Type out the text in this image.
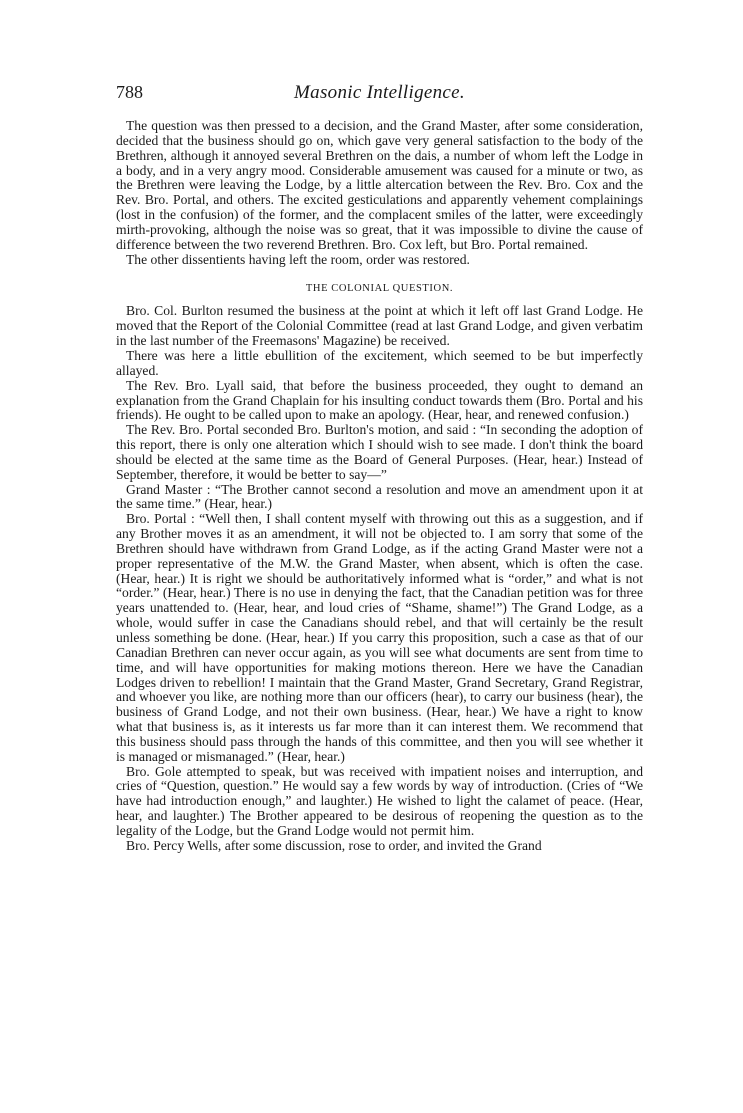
788	Masonic Intelligence.

The question was then pressed to a decision, and the Grand Master, after some consideration, decided that the business should go on, which gave very general satisfaction to the body of the Brethren, although it annoyed several Brethren on the dais, a number of whom left the Lodge in a body, and in a very angry mood. Considerable amusement was caused for a minute or two, as the Brethren were leaving the Lodge, by a little altercation between the Rev. Bro. Cox and the Rev. Bro. Portal, and others. The excited gesticulations and apparently vehement complainings (lost in the confusion) of the former, and the complacent smiles of the latter, were exceedingly mirth-provoking, although the noise was so great, that it was impossible to divine the cause of difference between the two reverend Brethren. Bro. Cox left, but Bro. Portal remained.

The other dissentients having left the room, order was restored.

THE COLONIAL QUESTION.

Bro. Col. Burlton resumed the business at the point at which it left off last Grand Lodge. He moved that the Report of the Colonial Committee (read at last Grand Lodge, and given verbatim in the last number of the Freemasons' Magazine) be received.

There was here a little ebullition of the excitement, which seemed to be but imperfectly allayed.

The Rev. Bro. Lyall said, that before the business proceeded, they ought to demand an explanation from the Grand Chaplain for his insulting conduct towards them (Bro. Portal and his friends). He ought to be called upon to make an apology. (Hear, hear, and renewed confusion.)

The Rev. Bro. Portal seconded Bro. Burlton's motion, and said : “In seconding the adoption of this report, there is only one alteration which I should wish to see made. I don't think the board should be elected at the same time as the Board of General Purposes. (Hear, hear.) Instead of September, therefore, it would be better to say—”

Grand Master : “The Brother cannot second a resolution and move an amendment upon it at the same time.” (Hear, hear.)

Bro. Portal : “Well then, I shall content myself with throwing out this as a suggestion, and if any Brother moves it as an amendment, it will not be objected to. I am sorry that some of the Brethren should have withdrawn from Grand Lodge, as if the acting Grand Master were not a proper representative of the M.W. the Grand Master, when absent, which is often the case. (Hear, hear.) It is right we should be authoritatively informed what is “order,” and what is not “order.” (Hear, hear.) There is no use in denying the fact, that the Canadian petition was for three years unattended to. (Hear, hear, and loud cries of “Shame, shame!”) The Grand Lodge, as a whole, would suffer in case the Canadians should rebel, and that will certainly be the result unless something be done. (Hear, hear.) If you carry this proposition, such a case as that of our Canadian Brethren can never occur again, as you will see what documents are sent from time to time, and will have opportunities for making motions thereon. Here we have the Canadian Lodges driven to rebellion! I maintain that the Grand Master, Grand Secretary, Grand Registrar, and whoever you like, are nothing more than our officers (hear), to carry our business (hear), the business of Grand Lodge, and not their own business. (Hear, hear.) We have a right to know what that business is, as it interests us far more than it can interest them. We recommend that this business should pass through the hands of this committee, and then you will see whether it is managed or mismanaged.” (Hear, hear.)

Bro. Gole attempted to speak, but was received with impatient noises and interruption, and cries of “Question, question.” He would say a few words by way of introduction. (Cries of “We have had introduction enough,” and laughter.) He wished to light the calamet of peace. (Hear, hear, and laughter.) The Brother appeared to be desirous of reopening the question as to the legality of the Lodge, but the Grand Lodge would not permit him.

Bro. Percy Wells, after some discussion, rose to order, and invited the Grand
